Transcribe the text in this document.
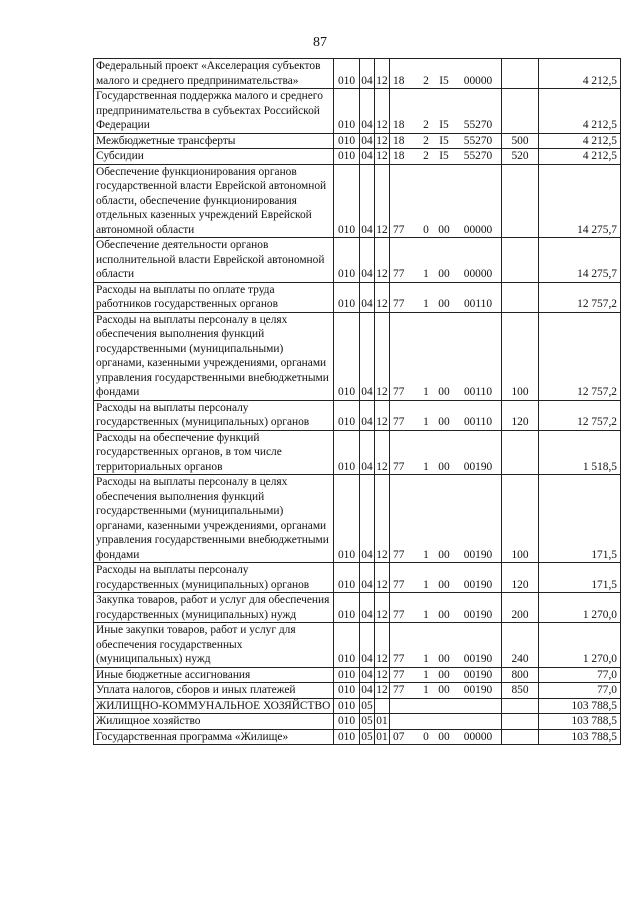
87
Федеральный проект «Акселерация субъектов малого и среднего предпринимательства»	010	04	12	18 2 I5 00000		4 212,5
Государственная поддержка малого и среднего предпринимательства в субъектах Российской Федерации	010	04	12	18 2 I5 55270		4 212,5
Межбюджетные трансферты	010	04	12	18 2 I5 55270	500	4 212,5
Субсидии	010	04	12	18 2 I5 55270	520	4 212,5
Обеспечение функционирования органов государственной власти Еврейской автономной области, обеспечение функционирования отдельных казенных учреждений Еврейской автономной области	010	04	12	77 0 00 00000		14 275,7
Обеспечение деятельности органов исполнительной власти Еврейской автономной области	010	04	12	77 1 00 00000		14 275,7
Расходы на выплаты по оплате труда работников государственных органов	010	04	12	77 1 00 00110		12 757,2
Расходы на выплаты персоналу в целях обеспечения выполнения функций государственными (муниципальными) органами, казенными учреждениями, органами управления государственными внебюджетными фондами	010	04	12	77 1 00 00110	100	12 757,2
Расходы на выплаты персоналу государственных (муниципальных) органов	010	04	12	77 1 00 00110	120	12 757,2
Расходы на обеспечение функций государственных органов, в том числе территориальных органов	010	04	12	77 1 00 00190		1 518,5
Расходы на выплаты персоналу в целях обеспечения выполнения функций государственными (муниципальными) органами, казенными учреждениями, органами управления государственными внебюджетными фондами	010	04	12	77 1 00 00190	100	171,5
Расходы на выплаты персоналу государственных (муниципальных) органов	010	04	12	77 1 00 00190	120	171,5
Закупка товаров, работ и услуг для обеспечения государственных (муниципальных) нужд	010	04	12	77 1 00 00190	200	1 270,0
Иные закупки товаров, работ и услуг для обеспечения государственных (муниципальных) нужд	010	04	12	77 1 00 00190	240	1 270,0
Иные бюджетные ассигнования	010	04	12	77 1 00 00190	800	77,0
Уплата налогов, сборов и иных платежей	010	04	12	77 1 00 00190	850	77,0
ЖИЛИЩНО-КОММУНАЛЬНОЕ ХОЗЯЙСТВО	010	05				103 788,5
Жилищное хозяйство	010	05	01			103 788,5
Государственная программа «Жилище»	010	05	01	07 0 00 00000		103 788,5
